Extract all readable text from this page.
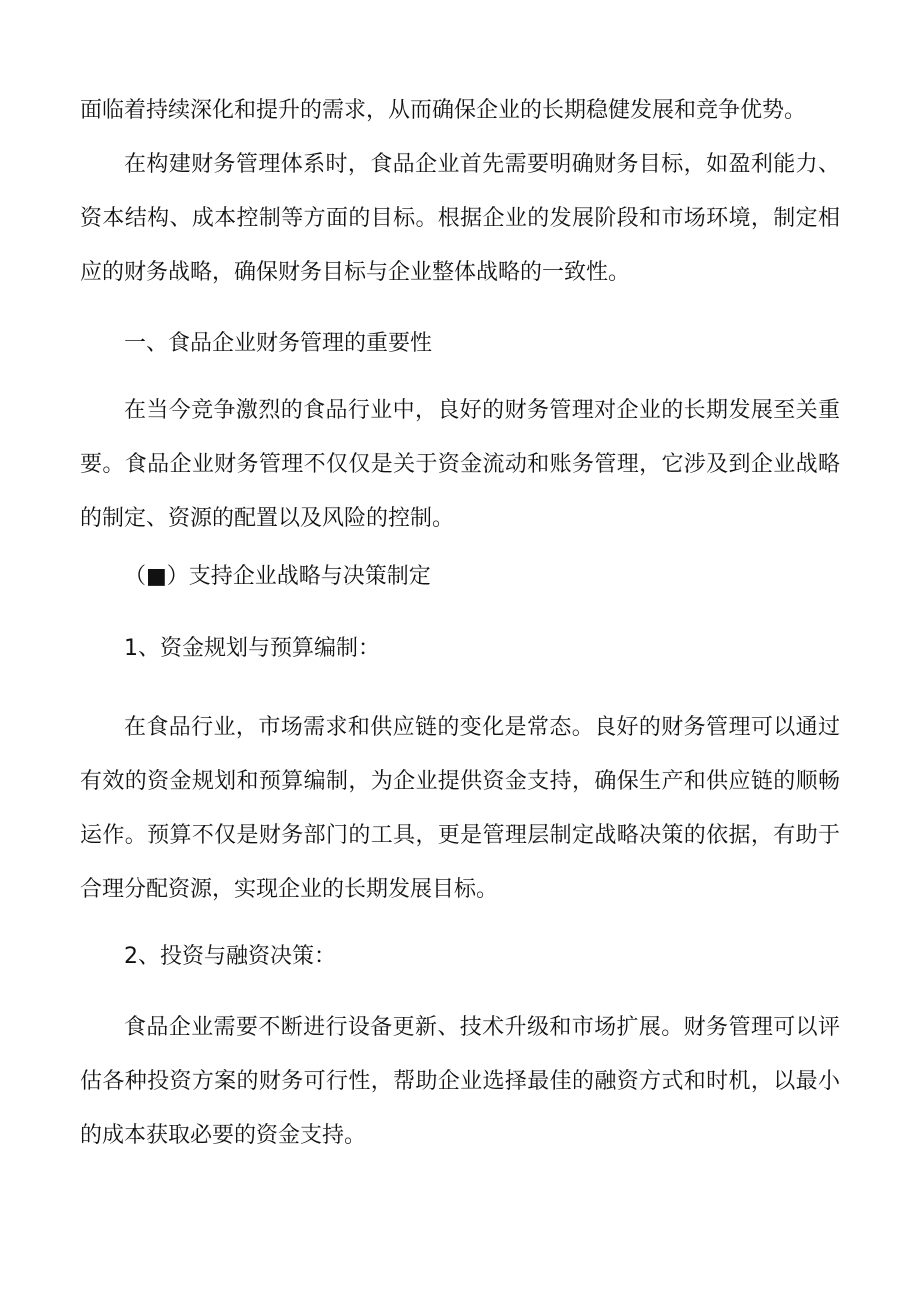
面临着持续深化和提升的需求，从而确保企业的长期稳健发展和竞争优势。

在构建财务管理体系时，食品企业首先需要明确财务目标，如盈利能力、资本结构、成本控制等方面的目标。根据企业的发展阶段和市场环境，制定相应的财务战略，确保财务目标与企业整体战略的一致性。

一、食品企业财务管理的重要性

在当今竞争激烈的食品行业中，良好的财务管理对企业的长期发展至关重要。食品企业财务管理不仅仅是关于资金流动和账务管理，它涉及到企业战略的制定、资源的配置以及风险的控制。

（■）支持企业战略与决策制定

1、资金规划与预算编制：

在食品行业，市场需求和供应链的变化是常态。良好的财务管理可以通过有效的资金规划和预算编制，为企业提供资金支持，确保生产和供应链的顺畅运作。预算不仅是财务部门的工具，更是管理层制定战略决策的依据，有助于合理分配资源，实现企业的长期发展目标。

2、投资与融资决策：

食品企业需要不断进行设备更新、技术升级和市场扩展。财务管理可以评估各种投资方案的财务可行性，帮助企业选择最佳的融资方式和时机，以最小的成本获取必要的资金支持。
